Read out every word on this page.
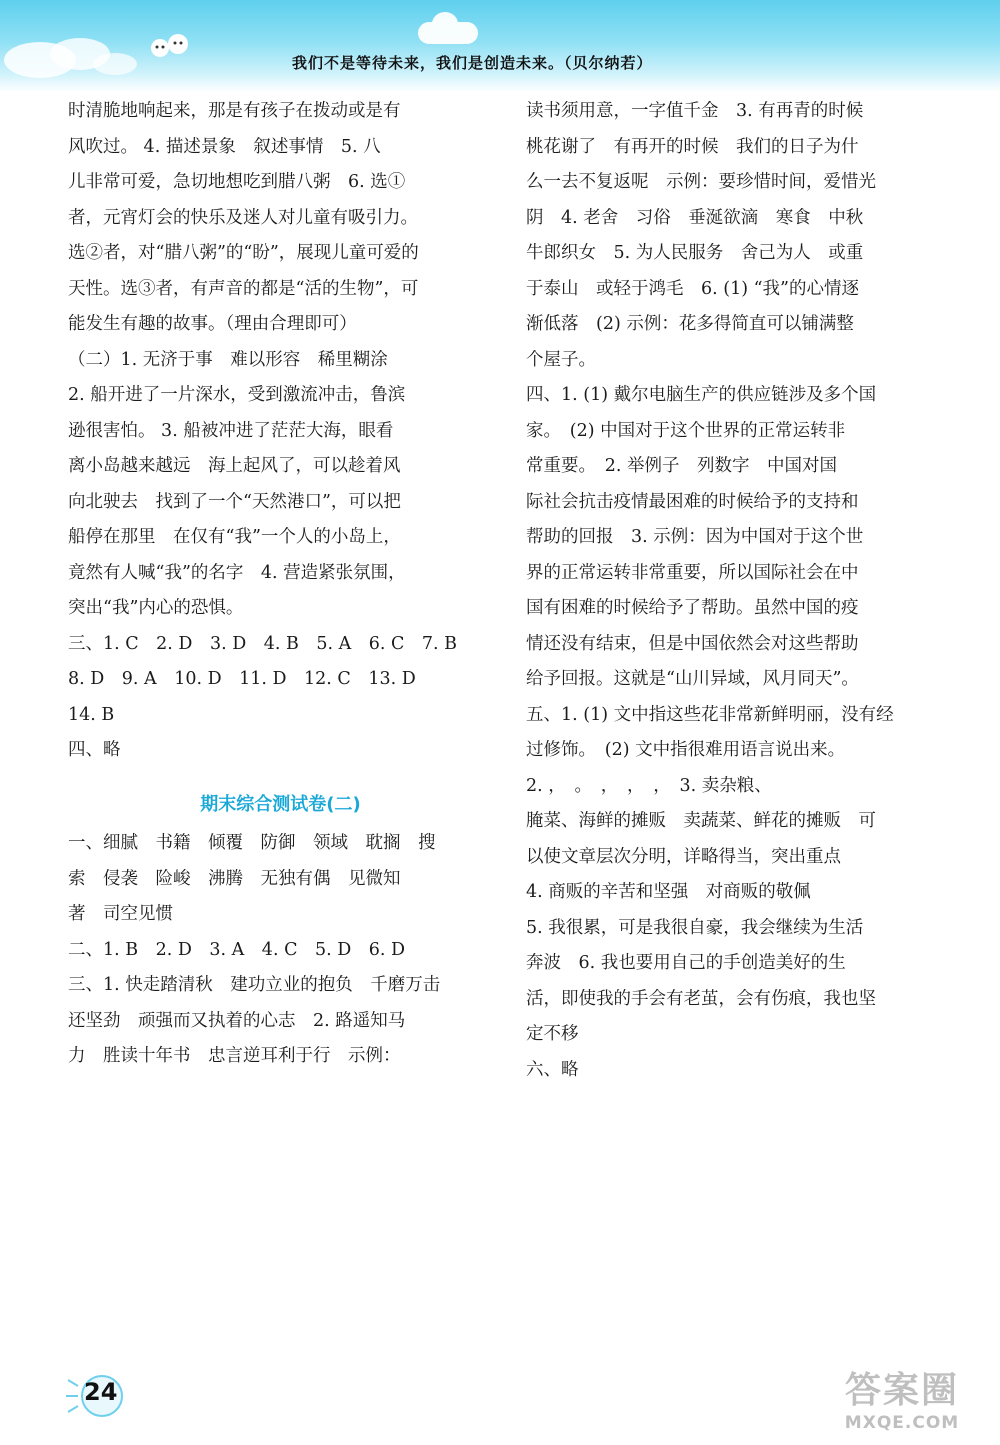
我们不是等待未来，我们是创造未来。（贝尔纳若）

时清脆地响起来，那是有孩子在拨动或是有

风吹过。 4. 描述景象　叙述事情　5. 八

儿非常可爱，急切地想吃到腊八粥　6. 选①

者，元宵灯会的快乐及迷人对儿童有吸引力。

选②者，对“腊八粥”的“盼”，展现儿童可爱的

天性。选③者，有声音的都是“活的生物”，可

能发生有趣的故事。（理由合理即可）

（二）1. 无济于事　难以形容　稀里糊涂

2. 船开进了一片深水，受到激流冲击，鲁滨

逊很害怕。 3. 船被冲进了茫茫大海，眼看

离小岛越来越远　海上起风了，可以趁着风

向北驶去　找到了一个“天然港口”，可以把

船停在那里　在仅有“我”一个人的小岛上，

竟然有人喊“我”的名字　4. 营造紧张氛围，

突出“我”内心的恐惧。

三、1. C　2. D　3. D　4. B　5. A　6. C　7. B

8. D　9. A　10. D　11. D　12. C　13. D

14. B

四、略

期末综合测试卷(二)

一、细腻　书籍　倾覆　防御　领域　耽搁　搜

索　侵袭　险峻　沸腾　无独有偶　见微知

著　司空见惯

二、1. B　2. D　3. A　4. C　5. D　6. D

三、1. 快走踏清秋　建功立业的抱负　千磨万击

还坚劲　顽强而又执着的心志　2. 路遥知马

力　胜读十年书　忠言逆耳利于行　示例：

读书须用意，一字值千金　3. 有再青的时候

桃花谢了　有再开的时候　我们的日子为什

么一去不复返呢　示例：要珍惜时间，爱惜光

阴　4. 老舍　习俗　垂涎欲滴　寒食　中秋

牛郎织女　5. 为人民服务　舍己为人　或重

于泰山　或轻于鸿毛　6. (1) “我”的心情逐

渐低落　(2) 示例：花多得简直可以铺满整

个屋子。

四、1. (1) 戴尔电脑生产的供应链涉及多个国

家。　(2) 中国对于这个世界的正常运转非

常重要。　2. 举例子　列数字　中国对国

际社会抗击疫情最困难的时候给予的支持和

帮助的回报　3. 示例：因为中国对于这个世

界的正常运转非常重要，所以国际社会在中

国有困难的时候给予了帮助。虽然中国的疫

情还没有结束，但是中国依然会对这些帮助

给予回报。这就是“山川异域，风月同天”。

五、1. (1) 文中指这些花非常新鲜明丽，没有经

过修饰。　(2) 文中指很难用语言说出来。

2. ，　。　，　，　，　3. 卖杂粮、

腌菜、海鲜的摊贩　卖蔬菜、鲜花的摊贩　可

以使文章层次分明，详略得当，突出重点

4. 商贩的辛苦和坚强　对商贩的敬佩

5. 我很累，可是我很自豪，我会继续为生活

奔波　6. 我也要用自己的手创造美好的生

活，即使我的手会有老茧，会有伤痕，我也坚

定不移

六、略

24	答案圈
MXQE.COM
